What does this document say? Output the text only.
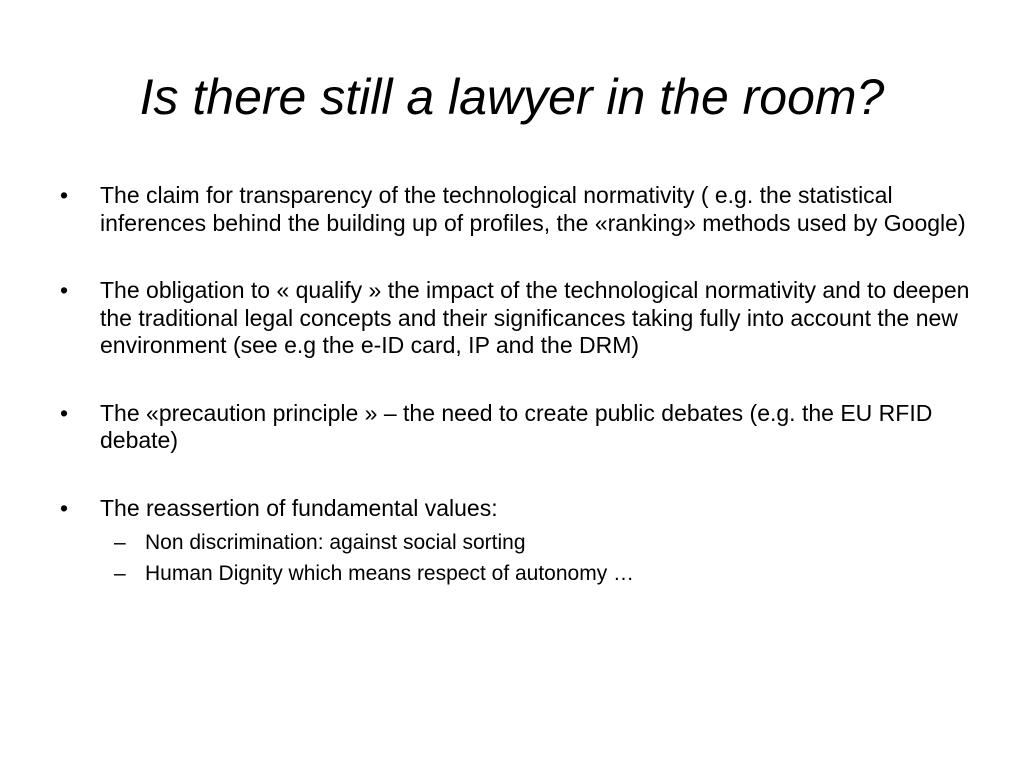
Is there still a lawyer in the room?
•	The claim for transparency of the technological normativity ( e.g. the statistical inferences behind the building up of profiles, the «ranking» methods used by Google)
•	The obligation to « qualify » the impact of the technological normativity and to deepen the traditional legal concepts and their significances taking fully into account the new environment (see e.g the e-ID card, IP and the DRM)
•	The «precaution principle » – the need to create public debates (e.g. the EU RFID debate)
•	The reassertion of fundamental values:
– Non discrimination: against social sorting
– Human Dignity which means respect of autonomy …
